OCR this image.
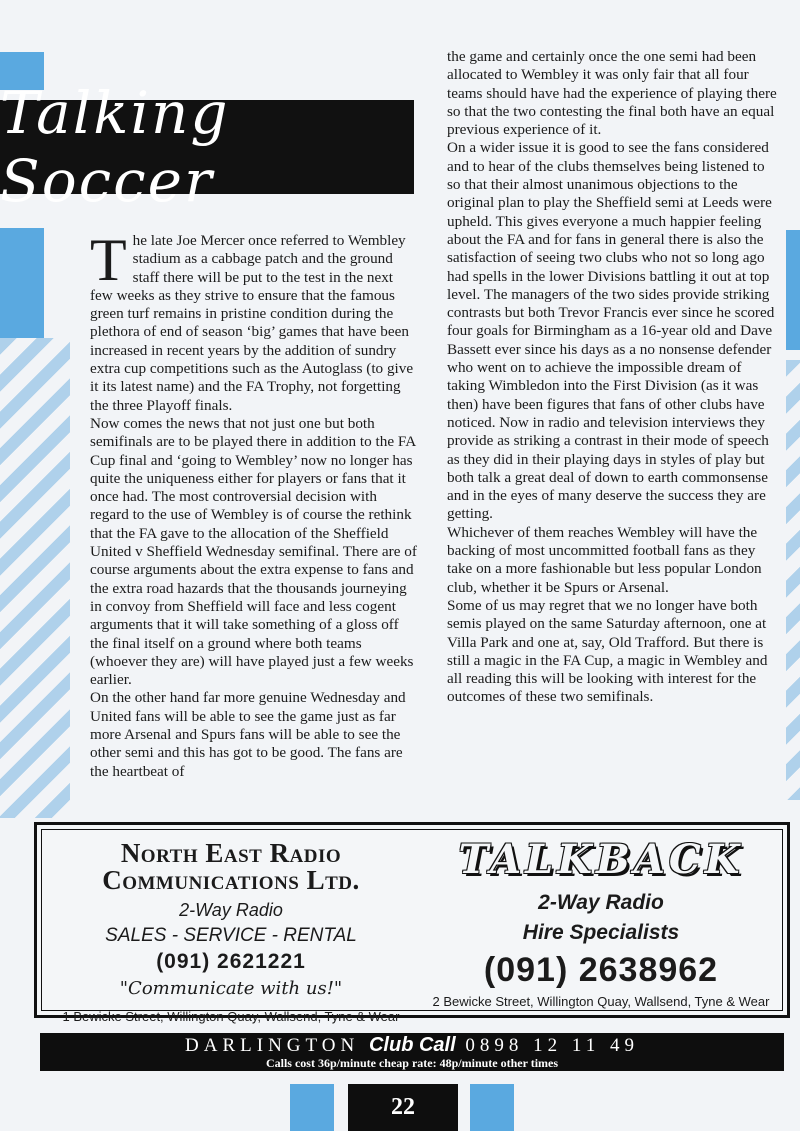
Talking Soccer

The late Joe Mercer once referred to Wembley stadium as a cabbage patch and the ground staff there will be put to the test in the next few weeks as they strive to ensure that the famous green turf remains in pristine condition during the plethora of end of season ‘big’ games that have been increased in recent years by the addition of sundry extra cup competitions such as the Autoglass (to give it its latest name) and the FA Trophy, not forgetting the three Playoff finals.

Now comes the news that not just one but both semifinals are to be played there in addition to the FA Cup final and ‘going to Wembley’ now no longer has quite the uniqueness either for players or fans that it once had. The most controversial decision with regard to the use of Wembley is of course the rethink that the FA gave to the allocation of the Sheffield United v Sheffield Wednesday semifinal. There are of course arguments about the extra expense to fans and the extra road hazards that the thousands journeying in convoy from Sheffield will face and less cogent arguments that it will take something of a gloss off the final itself on a ground where both teams (whoever they are) will have played just a few weeks earlier.

On the other hand far more genuine Wednesday and United fans will be able to see the game just as far more Arsenal and Spurs fans will be able to see the other semi and this has got to be good. The fans are the heartbeat of

the game and certainly once the one semi had been allocated to Wembley it was only fair that all four teams should have had the experience of playing there so that the two contesting the final both have an equal previous experience of it.

On a wider issue it is good to see the fans considered and to hear of the clubs themselves being listened to so that their almost unanimous objections to the original plan to play the Sheffield semi at Leeds were upheld. This gives everyone a much happier feeling about the FA and for fans in general there is also the satisfaction of seeing two clubs who not so long ago had spells in the lower Divisions battling it out at top level. The managers of the two sides provide striking contrasts but both Trevor Francis ever since he scored four goals for Birmingham as a 16-year old and Dave Bassett ever since his days as a no nonsense defender who went on to achieve the impossible dream of taking Wimbledon into the First Division (as it was then) have been figures that fans of other clubs have noticed. Now in radio and television interviews they provide as striking a contrast in their mode of speech as they did in their playing days in styles of play but both talk a great deal of down to earth commonsense and in the eyes of many deserve the success they are getting.

Whichever of them reaches Wembley will have the backing of most uncommitted football fans as they take on a more fashionable but less popular London club, whether it be Spurs or Arsenal.

Some of us may regret that we no longer have both semis played on the same Saturday afternoon, one at Villa Park and one at, say, Old Trafford. But there is still a magic in the FA Cup, a magic in Wembley and all reading this will be looking with interest for the outcomes of these two semifinals.

North East Radio
Communications Ltd.
2-Way Radio
SALES - SERVICE - RENTAL
(091) 2621221
"Communicate with us!"
1 Bewicke Street, Willington Quay, Wallsend, Tyne & Wear
TALKBACK
2-Way Radio
Hire Specialists
(091) 2638962
2 Bewicke Street, Willington Quay, Wallsend, Tyne & Wear
DARLINGTON Club Call 0898 12 11 49
Calls cost 36p/minute cheap rate: 48p/minute other times
22
